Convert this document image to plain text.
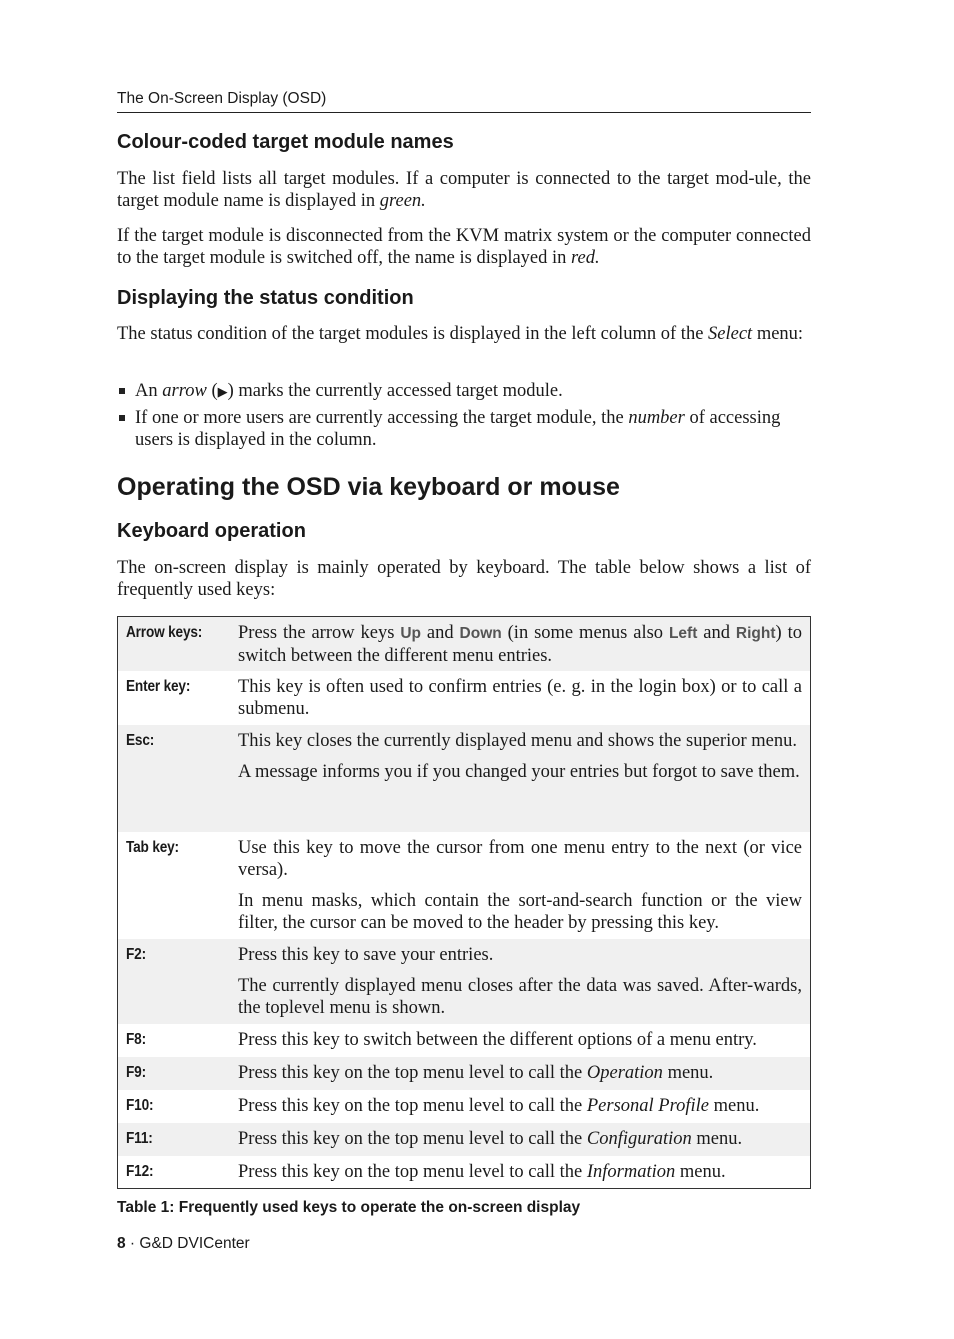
The On-Screen Display (OSD)
Colour-coded target module names

The list field lists all target modules. If a computer is connected to the target mod-ule, the target module name is displayed in green.

If the target module is disconnected from the KVM matrix system or the computer connected to the target module is switched off, the name is displayed in red.

Displaying the status condition

The status condition of the target modules is displayed in the left column of the Select menu:

An arrow (▶) marks the currently accessed target module.
If one or more users are currently accessing the target module, the number of accessing users is displayed in the column.
Operating the OSD via keyboard or mouse
Keyboard operation

The on-screen display is mainly operated by keyboard. The table below shows a list of frequently used keys:

Arrow keys:	Press the arrow keys Up and Down (in some menus also Left and Right) to switch between the different menu entries.
Enter key:	This key is often used to confirm entries (e. g. in the login box) or to call a submenu.
Esc:	This key closes the currently displayed menu and shows the superior menu.

A message informs you if you changed your entries but forgot to save them.

Tab key:	Use this key to move the cursor from one menu entry to the next (or vice versa).

In menu masks, which contain the sort-and-search function or the view filter, the cursor can be moved to the header by pressing this key.

F2:	Press this key to save your entries.

The currently displayed menu closes after the data was saved. After-wards, the toplevel menu is shown.

F8:	Press this key to switch between the different options of a menu entry.
F9:	Press this key on the top menu level to call the Operation menu.
F10:	Press this key on the top menu level to call the Personal Profile menu.
F11:	Press this key on the top menu level to call the Configuration menu.
F12:	Press this key on the top menu level to call the Information menu.
Table 1: Frequently used keys to operate the on-screen display
8 · G&D DVICenter
